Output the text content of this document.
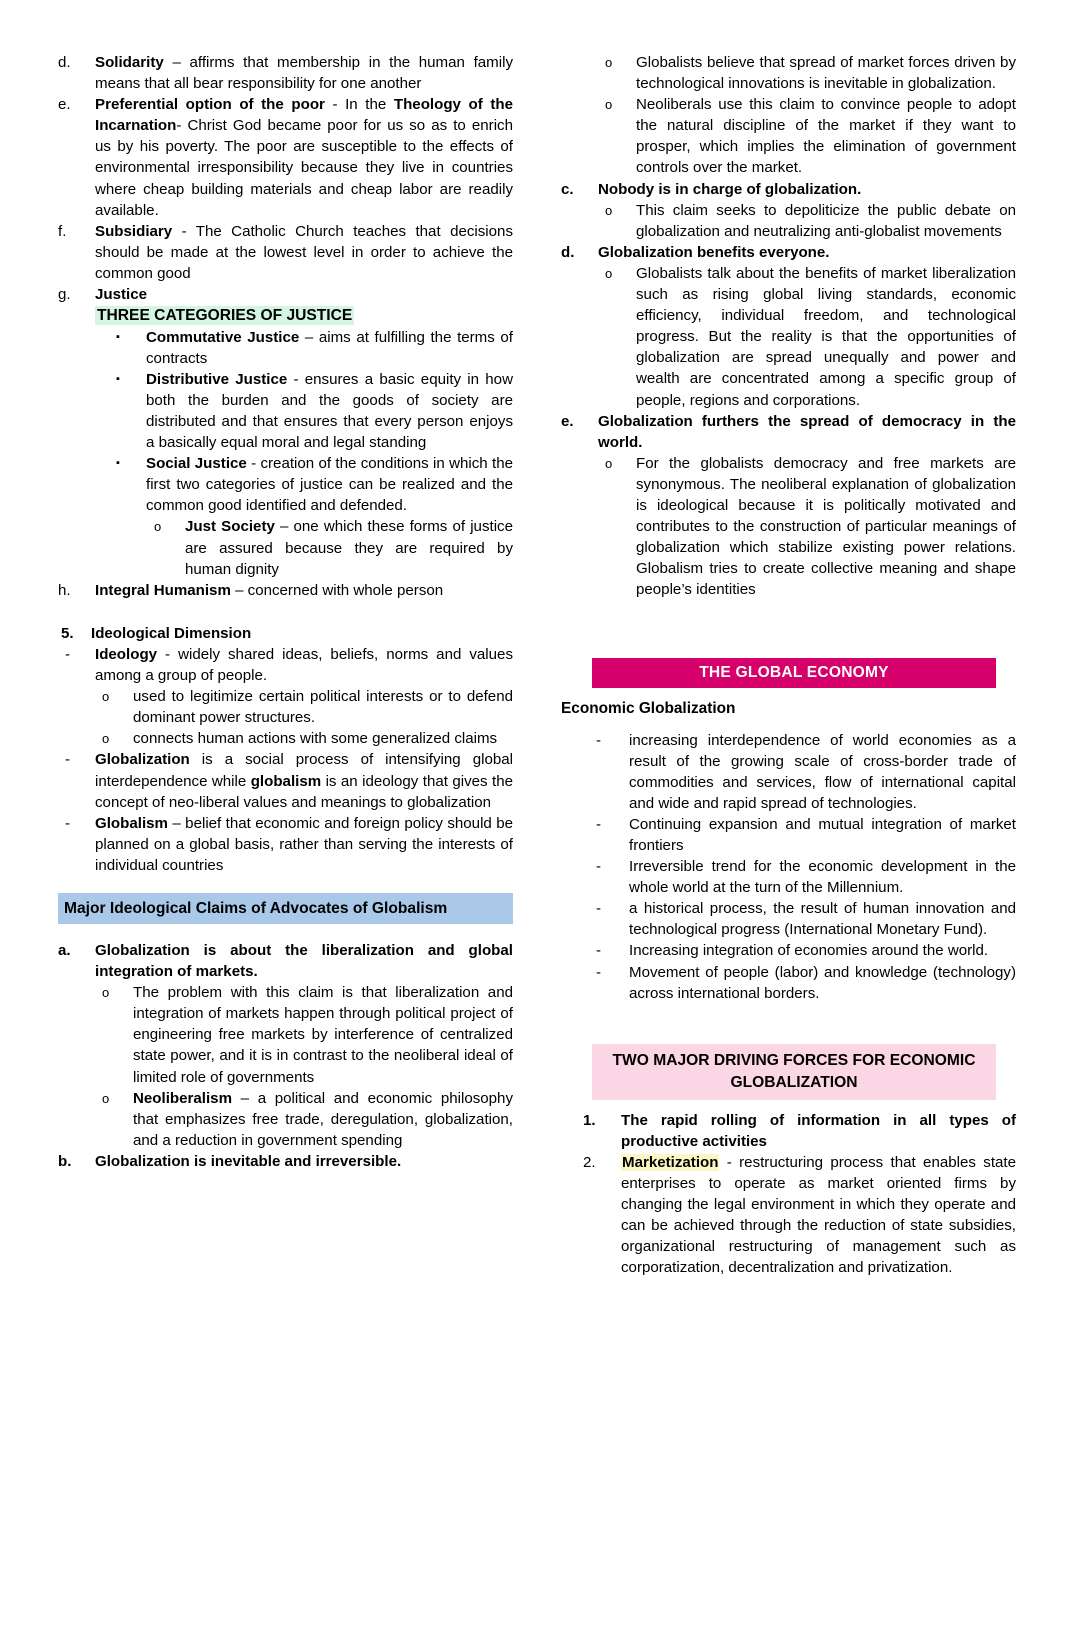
d.	Solidarity – affirms that membership in the human family means that all bear responsibility for one another
e.	Preferential option of the poor - In the Theology of the Incarnation- Christ God became poor for us so as to enrich us by his poverty. The poor are susceptible to the effects of environmental irresponsibility because they live in countries where cheap building materials and cheap labor are readily available.
f.	Subsidiary - The Catholic Church teaches that decisions should be made at the lowest level in order to achieve the common good
g.	Justice
THREE CATEGORIES OF JUSTICE
▪	Commutative Justice – aims at fulfilling the terms of contracts
▪	Distributive Justice - ensures a basic equity in how both the burden and the goods of society are distributed and that ensures that every person enjoys a basically equal moral and legal standing
▪	Social Justice - creation of the conditions in which the first two categories of justice can be realized and the common good identified and defended.
o	Just Society – one which these forms of justice are assured because they are required by human dignity
h.	Integral Humanism – concerned with whole person
5.	Ideological Dimension
-	Ideology - widely shared ideas, beliefs, norms and values among a group of people.
o	used to legitimize certain political interests or to defend dominant power structures.
o	connects human actions with some generalized claims
-	Globalization is a social process of intensifying global interdependence while globalism is an ideology that gives the concept of neo-liberal values and meanings to globalization
-	Globalism – belief that economic and foreign policy should be planned on a global basis, rather than serving the interests of individual countries
Major Ideological Claims of Advocates of Globalism
a.	Globalization is about the liberalization and global integration of markets.
o	The problem with this claim is that liberalization and integration of markets happen through political project of engineering free markets by interference of centralized state power, and it is in contrast to the neoliberal ideal of limited role of governments
o	Neoliberalism – a political and economic philosophy that emphasizes free trade, deregulation, globalization, and a reduction in government spending
b.	Globalization is inevitable and irreversible.
o	Globalists believe that spread of market forces driven by technological innovations is inevitable in globalization.
o	Neoliberals use this claim to convince people to adopt the natural discipline of the market if they want to prosper, which implies the elimination of government controls over the market.
c.	Nobody is in charge of globalization.
o	This claim seeks to depoliticize the public debate on globalization and neutralizing anti-globalist movements
d.	Globalization benefits everyone.
o	Globalists talk about the benefits of market liberalization such as rising global living standards, economic efficiency, individual freedom, and technological progress. But the reality is that the opportunities of globalization are spread unequally and power and wealth are concentrated among a specific group of people, regions and corporations.
e.	Globalization furthers the spread of democracy in the world.
o	For the globalists democracy and free markets are synonymous. The neoliberal explanation of globalization is ideological because it is politically motivated and contributes to the construction of particular meanings of globalization which stabilize existing power relations. Globalism tries to create collective meaning and shape people’s identities
THE GLOBAL ECONOMY
Economic Globalization
-	increasing interdependence of world economies as a result of the growing scale of cross-border trade of commodities and services, flow of international capital and wide and rapid spread of technologies.
-	Continuing expansion and mutual integration of market frontiers
-	Irreversible trend for the economic development in the whole world at the turn of the Millennium.
-	a historical process, the result of human innovation and technological progress (International Monetary Fund).
-	Increasing integration of economies around the world.
-	Movement of people (labor) and knowledge (technology) across international borders.
TWO MAJOR DRIVING FORCES FOR ECONOMIC GLOBALIZATION
1.	The rapid rolling of information in all types of productive activities
2.	Marketization - restructuring process that enables state enterprises to operate as market oriented firms by changing the legal environment in which they operate and can be achieved through the reduction of state subsidies, organizational restructuring of management such as corporatization, decentralization and privatization.
